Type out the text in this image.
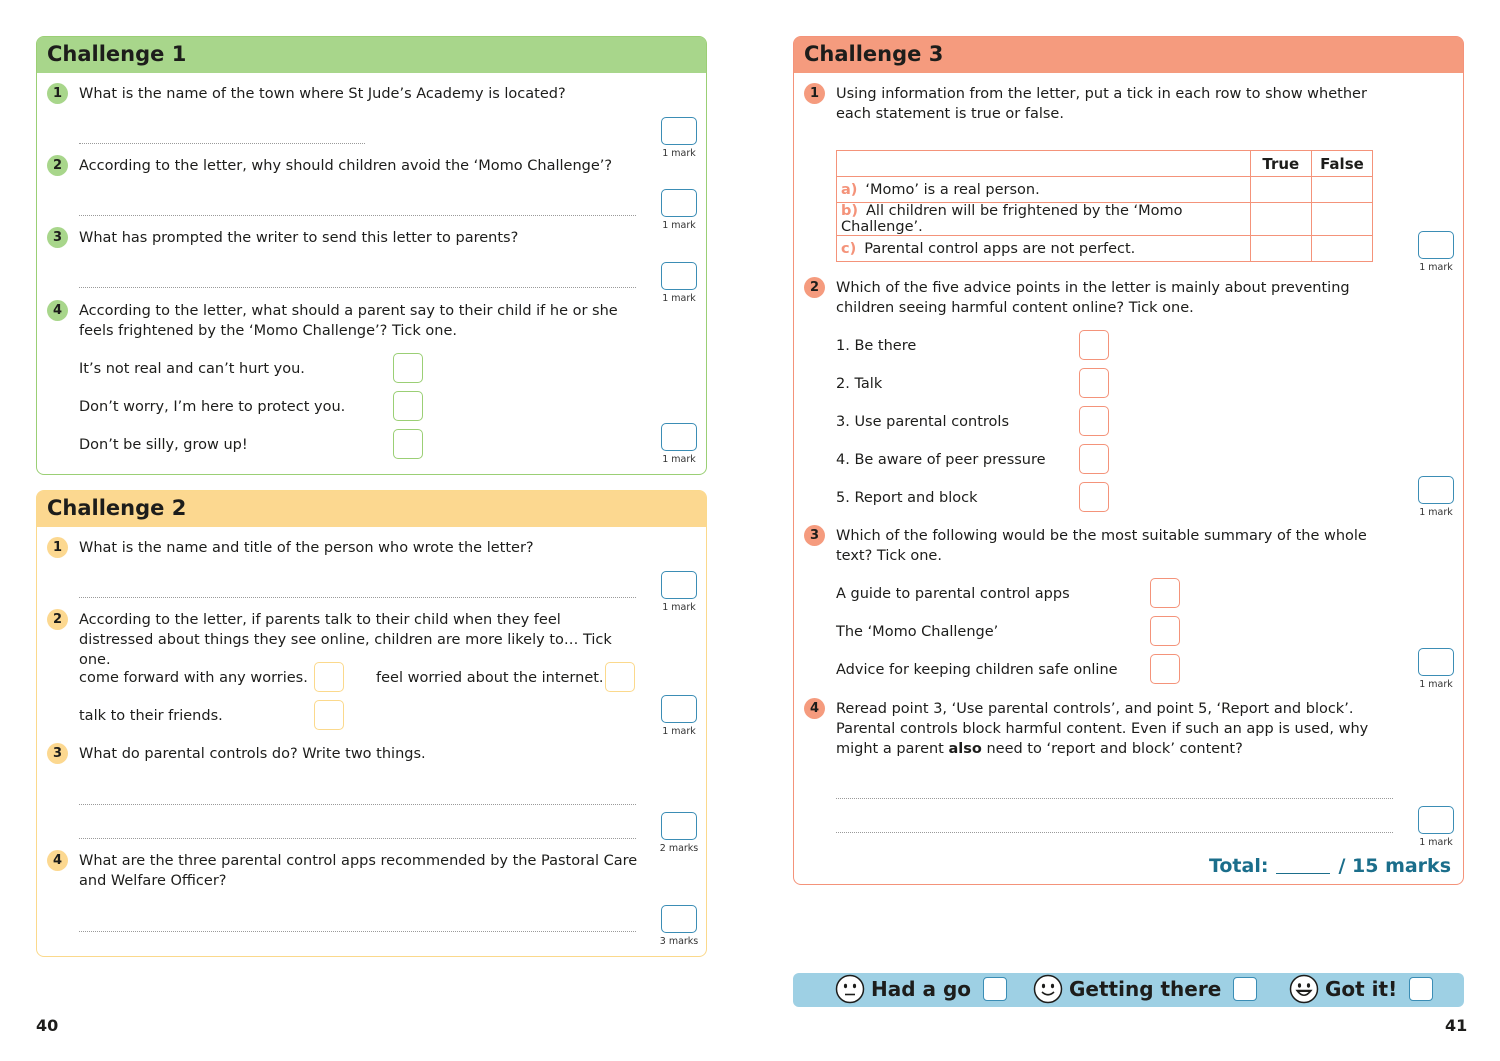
Challenge 1
1	What is the name of the town where St Jude’s Academy is located?
1 mark
2	According to the letter, why should children avoid the ‘Momo Challenge’?
1 mark
3	What has prompted the writer to send this letter to parents?
1 mark
4	According to the letter, what should a parent say to their child if he or she feels frightened by the ‘Momo Challenge’? Tick one.
It’s not real and can’t hurt you.
Don’t worry, I’m here to protect you.
Don’t be silly, grow up!
1 mark
Challenge 2
1	What is the name and title of the person who wrote the letter?
1 mark
2	According to the letter, if parents talk to their child when they feel distressed about things they see online, children are more likely to… Tick one.
come forward with any worries.	feel worried about the internet.
talk to their friends.
1 mark
3	What do parental controls do? Write two things.
2 marks
4	What are the three parental control apps recommended by the Pastoral Care and Welfare Officer?
3 marks
Challenge 3
1	Using information from the letter, put a tick in each row to show whether each statement is true or false.
	True	False
a) ‘Momo’ is a real person.		
b) All children will be frightened by the ‘Momo Challenge’.		
c) Parental control apps are not perfect.		
1 mark
2	Which of the five advice points in the letter is mainly about preventing children seeing harmful content online? Tick one.
1. Be there
2. Talk
3. Use parental controls
4. Be aware of peer pressure
5. Report and block
1 mark
3	Which of the following would be the most suitable summary of the whole text? Tick one.
A guide to parental control apps
The ‘Momo Challenge’
Advice for keeping children safe online
1 mark
4	Reread point 3, ‘Use parental controls’, and point 5, ‘Report and block’. Parental controls block harmful content. Even if such an app is used, why might a parent also need to ‘report and block’ content?
1 mark
Total:	/ 15 marks
Had a go	Getting there	Got it!
40	41
